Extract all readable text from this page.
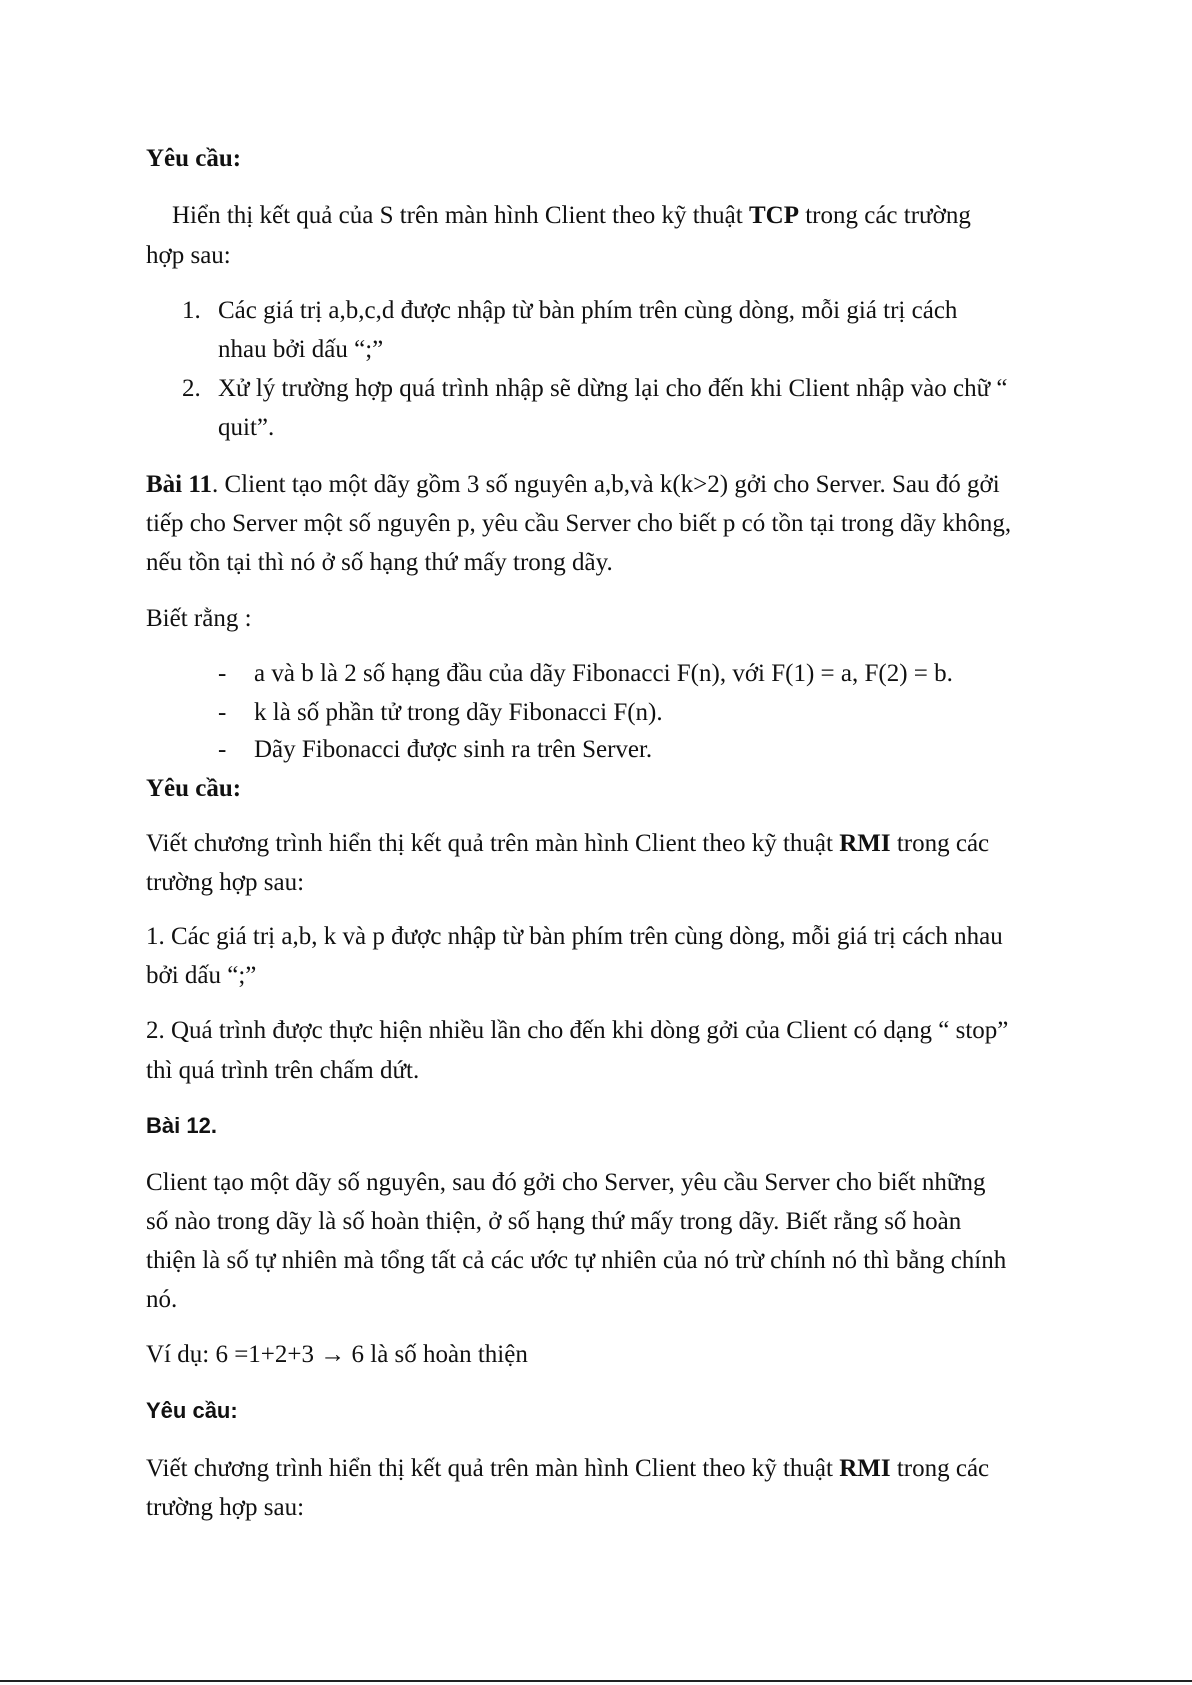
Yêu cầu:

Hiển thị kết quả của S trên màn hình Client theo kỹ thuật TCP trong các trường

hợp sau:

1. Các giá trị a,b,c,d được nhập từ bàn phím trên cùng dòng, mỗi giá trị cách

nhau bởi dấu “;”

2. Xử lý trường hợp quá trình nhập sẽ dừng lại cho đến khi Client nhập vào chữ “

quit”.

Bài 11. Client tạo một dãy gồm 3 số nguyên a,b,và k(k>2) gởi cho Server. Sau đó gởi

tiếp cho Server một số nguyên p, yêu cầu Server cho biết p có tồn tại trong dãy không,

nếu tồn tại thì nó ở số hạng thứ mấy trong dãy.

Biết rằng :

- a và b là 2 số hạng đầu của dãy Fibonacci F(n), với F(1) = a, F(2) = b.

- k là số phần tử trong dãy Fibonacci F(n).

- Dãy Fibonacci được sinh ra trên Server.

Yêu cầu:

Viết chương trình hiển thị kết quả trên màn hình Client theo kỹ thuật RMI trong các

trường hợp sau:

1. Các giá trị a,b, k và p được nhập từ bàn phím trên cùng dòng, mỗi giá trị cách nhau

bởi dấu “;”

2. Quá trình được thực hiện nhiều lần cho đến khi dòng gởi của Client có dạng “ stop”

thì quá trình trên chấm dứt.

Bài 12.

Client tạo một dãy số nguyên, sau đó gởi cho Server, yêu cầu Server cho biết những

số nào trong dãy là số hoàn thiện, ở số hạng thứ mấy trong dãy. Biết rằng số hoàn

thiện là số tự nhiên mà tổng tất cả các ước tự nhiên của nó trừ chính nó thì bằng chính

nó.

Ví dụ: 6 =1+2+3 → 6 là số hoàn thiện

Yêu cầu:

Viết chương trình hiển thị kết quả trên màn hình Client theo kỹ thuật RMI trong các

trường hợp sau:
